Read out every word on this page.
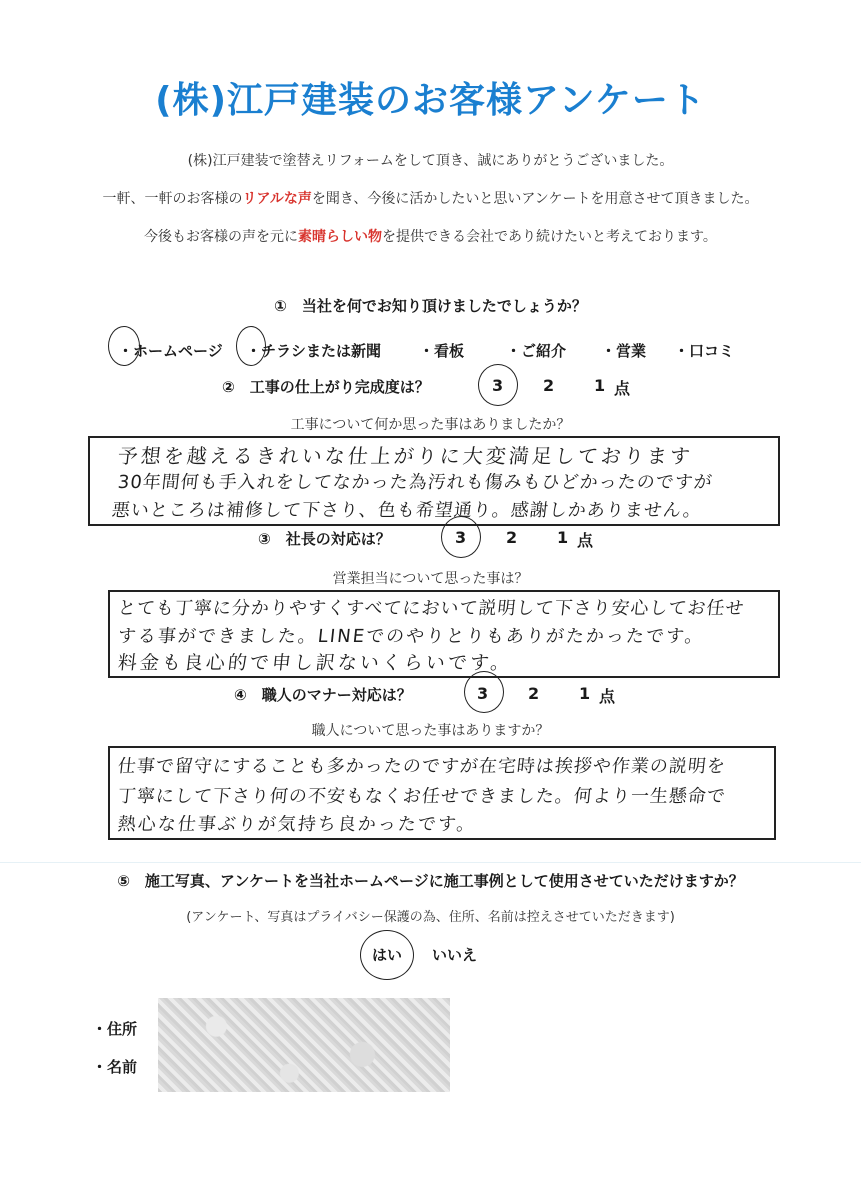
(株)江戸建装のお客様アンケート
(株)江戸建装で塗替えリフォームをして頂き、誠にありがとうございました。
一軒、一軒のお客様のリアルな声を聞き、今後に活かしたいと思いアンケートを用意させて頂きました。
今後もお客様の声を元に素晴らしい物を提供できる会社であり続けたいと考えております。
①　当社を何でお知り頂けましたでしょうか？
・ホームページ ・チラシまたは新聞	・看板	・ご紹介 ・営業 ・口コミ
②　工事の仕上がり完成度は？	3 2 1 点
工事について何か思った事はありましたか？
予想を越えるきれいな仕上がりに大変満足しております
30年間何も手入れをしてなかった為汚れも傷みもひどかったのですが
悪いところは補修して下さり、色も希望通り。感謝しかありません。
③　社長の対応は？	3 2 1 点
営業担当について思った事は？
とても丁寧に分かりやすくすべてにおいて説明して下さり安心してお任せ
する事ができました。LINEでのやりとりもありがたかったです。
料金も良心的で申し訳ないくらいです。
④　職人のマナー対応は？	3 2 1 点
職人について思った事はありますか？
仕事で留守にすることも多かったのですが在宅時は挨拶や作業の説明を
丁寧にして下さり何の不安もなくお任せできました。何より一生懸命で
熱心な仕事ぶりが気持ち良かったです。
⑤　施工写真、アンケートを当社ホームページに施工事例として使用させていただけますか？
(アンケート、写真はプライバシー保護の為、住所、名前は控えさせていただきます)
はい いいえ
・住所
・名前
